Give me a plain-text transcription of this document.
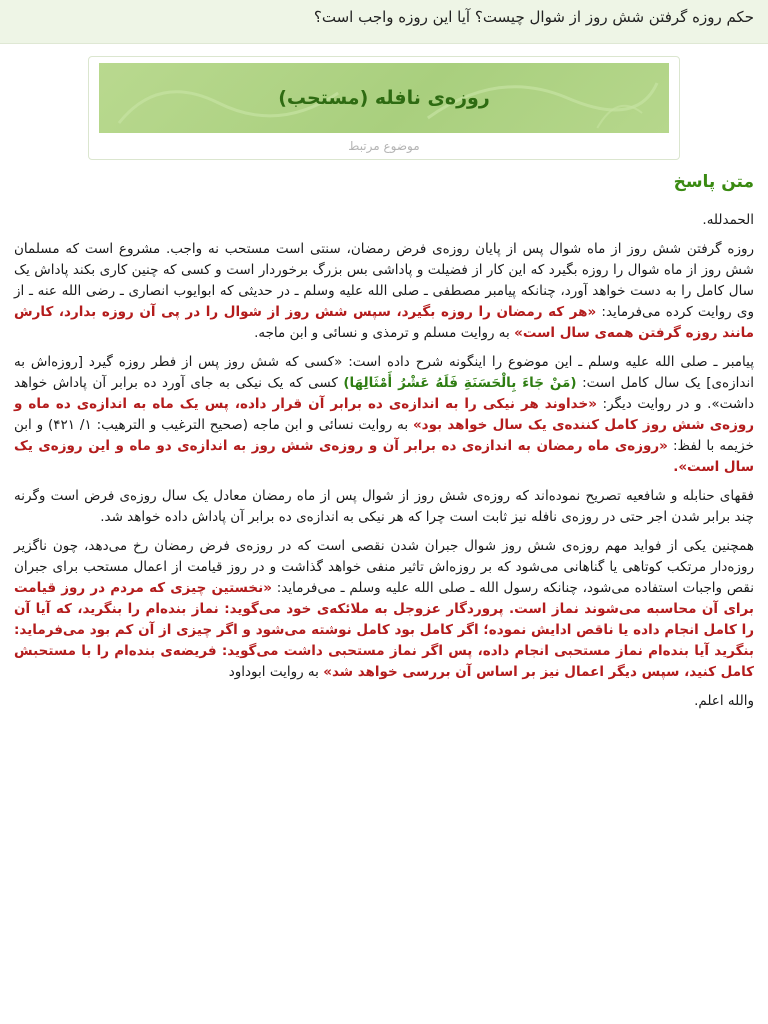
حکم روزه گرفتن شش روز از شوال چیست؟ آیا این روزه واجب است؟
روزه‌ی نافله (مستحب)
موضوع مرتبط
متن پاسخ

الحمدلله.

روزه گرفتن شش روز از ماه شوال پس از پایان روزه‌ی فرض رمضان، سنتی است مستحب نه واجب. مشروع است که مسلمان شش روز از ماه شوال را روزه بگیرد که این کار از فضیلت و پاداشی بس بزرگ برخوردار است و کسی که چنین کاری بکند پاداش یک سال کامل را به دست خواهد آورد، چنانکه پیامبر مصطفی ـ صلی الله علیه وسلم ـ در حدیثی که ابوایوب انصاری ـ رضی الله عنه ـ از وی روایت کرده می‌فرماید: «هر که رمضان را روزه بگیرد، سپس شش روز از شوال را در پی آن روزه بدارد، کارش مانند روزه گرفتن همه‌ی سال است» به روایت مسلم و ترمذی و نسائی و ابن ماجه.

پیامبر ـ صلی الله علیه وسلم ـ این موضوع را اینگونه شرح داده است: «کسی که شش روز پس از فطر روزه گیرد [روزه‌اش به اندازه‌ی] یک سال کامل است: (مَنْ جَاءَ بِالْحَسَنَةِ فَلَهُ عَشْرُ أَمْثَالِهَا) کسی که یک نیکی به جای آورد ده برابر آن پاداش خواهد داشت». و در روایت دیگر: «خداوند هر نیکی را به اندازه‌ی ده برابر آن قرار داده، پس یک ماه به اندازه‌ی ده ماه و روزه‌ی شش روز کامل کننده‌ی یک سال خواهد بود» به روایت نسائی و ابن ماجه (صحیح الترغیب و الترهیب: ۱/ ۴۲۱) و ابن خزیمه با لفظ: «روزه‌ی ماه رمضان به اندازه‌ی ده برابر آن و روزه‌ی شش روز به اندازه‌ی دو ماه و این روزه‌ی یک سال است».

فقهای حنابله و شافعیه تصریح نموده‌اند که روزه‌ی شش روز از شوال پس از ماه رمضان معادل یک سال روزه‌ی فرض است وگرنه چند برابر شدن اجر حتی در روزه‌ی نافله نیز ثابت است چرا که هر نیکی به اندازه‌ی ده برابر آن پاداش داده خواهد شد.

همچنین یکی از فواید مهم روزه‌ی شش روز شوال جبران شدن نقصی است که در روزه‌ی فرض رمضان رخ می‌دهد، چون ناگزیر روزه‌دار مرتکب کوتاهی یا گناهانی می‌شود که بر روزه‌اش تاثیر منفی خواهد گذاشت و در روز قیامت از اعمال مستحب برای جبران نقص واجبات استفاده می‌شود، چنانکه رسول الله ـ صلی الله علیه وسلم ـ می‌فرماید: «نخستین چیزی که مردم در روز قیامت برای آن محاسبه می‌شوند نماز است. پروردگار عزوجل به ملائکه‌ی خود می‌گوید: نماز بنده‌ام را بنگرید، که آیا آن را کامل انجام داده یا ناقص ادایش نموده؛ اگر کامل بود کامل نوشته می‌شود و اگر چیزی از آن کم بود می‌فرماید: بنگرید آیا بنده‌ام نماز مستحبی انجام داده، پس اگر نماز مستحبی داشت می‌گوید: فریضه‌ی بنده‌ام را با مستحبش کامل کنید، سپس دیگر اعمال نیز بر اساس آن بررسی خواهد شد» به روایت ابوداود

والله اعلم.
